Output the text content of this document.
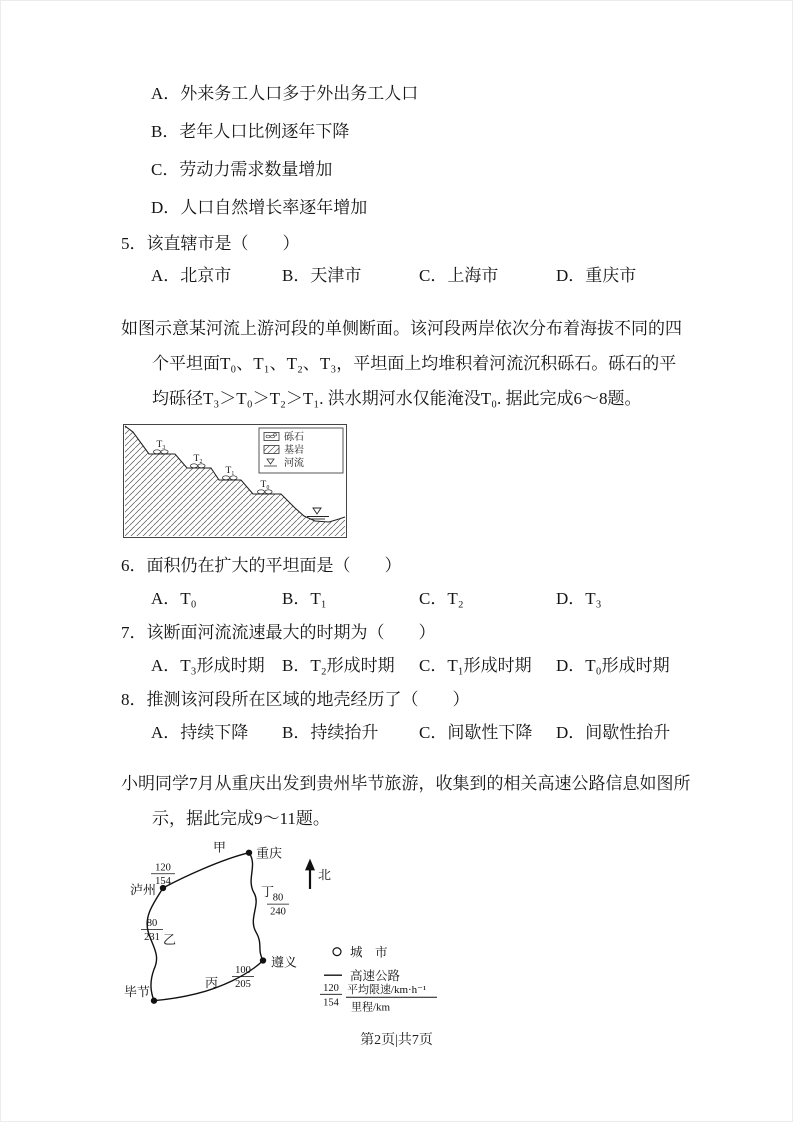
A．外来务工人口多于外出务工人口
B．老年人口比例逐年下降
C．劳动力需求数量增加
D．人口自然增长率逐年增加
5．该直辖市是（　　）
A．北京市	B．天津市	C．上海市	D．重庆市

如图示意某河流上游河段的单侧断面。该河段两岸依次分布着海拔不同的四个平坦面T₀、T₁、T₂、T₃，平坦面上均堆积着河流沉积砾石。砾石的平均砾径T₃＞T₀＞T₂＞T₁. 洪水期河水仅能淹没T₀. 据此完成6～8题。

T₃
T₂
T₁
T₀
砾石
基岩
河流
6．面积仍在扩大的平坦面是（　　）
A．T₀	B．T₁	C．T₂	D．T₃
7．该断面河流流速最大的时期为（　　）
A．T₃形成时期	B．T₂形成时期	C．T₁形成时期	D．T₀形成时期
8．推测该河段所在区域的地壳经历了（　　）
A．持续下降	B．持续抬升	C．间歇性下降	D．间歇性抬升

小明同学7月从重庆出发到贵州毕节旅游，收集到的相关高速公路信息如图所示，据此完成9～11题。

重庆
泸州
遵义
毕节
甲
丁
乙
丙
120
154
80
240
80
231
100
205
北
城　市
高速公路
120
154
平均限速/km·h⁻¹
里程/km
第2页|共7页
